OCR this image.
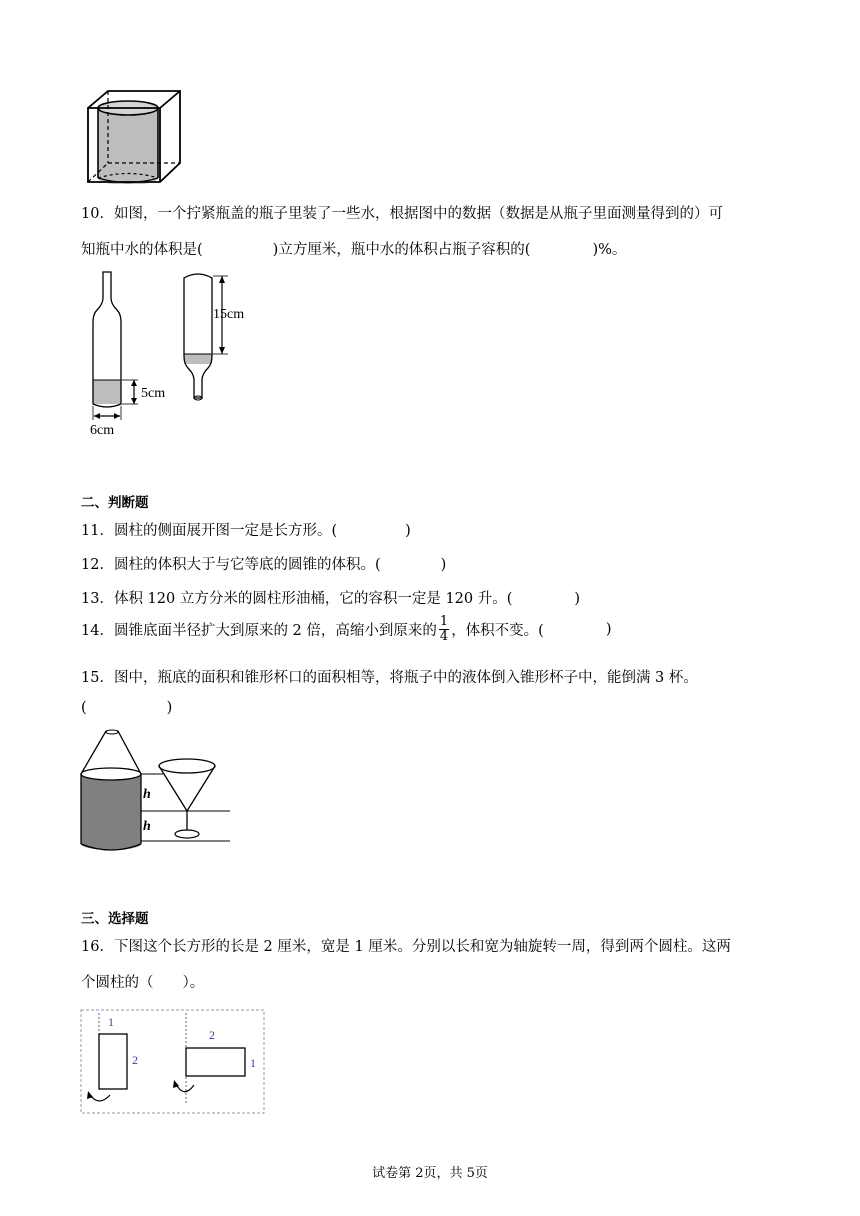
10．如图，一个拧紧瓶盖的瓶子里装了一些水，根据图中的数据（数据是从瓶子里面测量得到的）可
知瓶中水的体积是(	)立方厘米，瓶中水的体积占瓶子容积的(	)%。
5cm
6cm
15cm
二、判断题
11．圆柱的侧面展开图一定是长方形。(	)
12．圆柱的体积大于与它等底的圆锥的体积。(	)
13．体积 120 立方分米的圆柱形油桶，它的容积一定是 120 升。(	)
14．圆锥底面半径扩大到原来的 2 倍，高缩小到原来的 $\frac{1}{4}$ ，体积不变。(	)
15．图中，瓶底的面积和锥形杯口的面积相等，将瓶子中的液体倒入锥形杯子中，能倒满 3 杯。
(	)
h
h
三、选择题
16．下图这个长方形的长是 2 厘米，宽是 1 厘米。分别以长和宽为轴旋转一周，得到两个圆柱。这两
个圆柱的（　　）。
1
2
2
1
试卷第 2页，共 5页
